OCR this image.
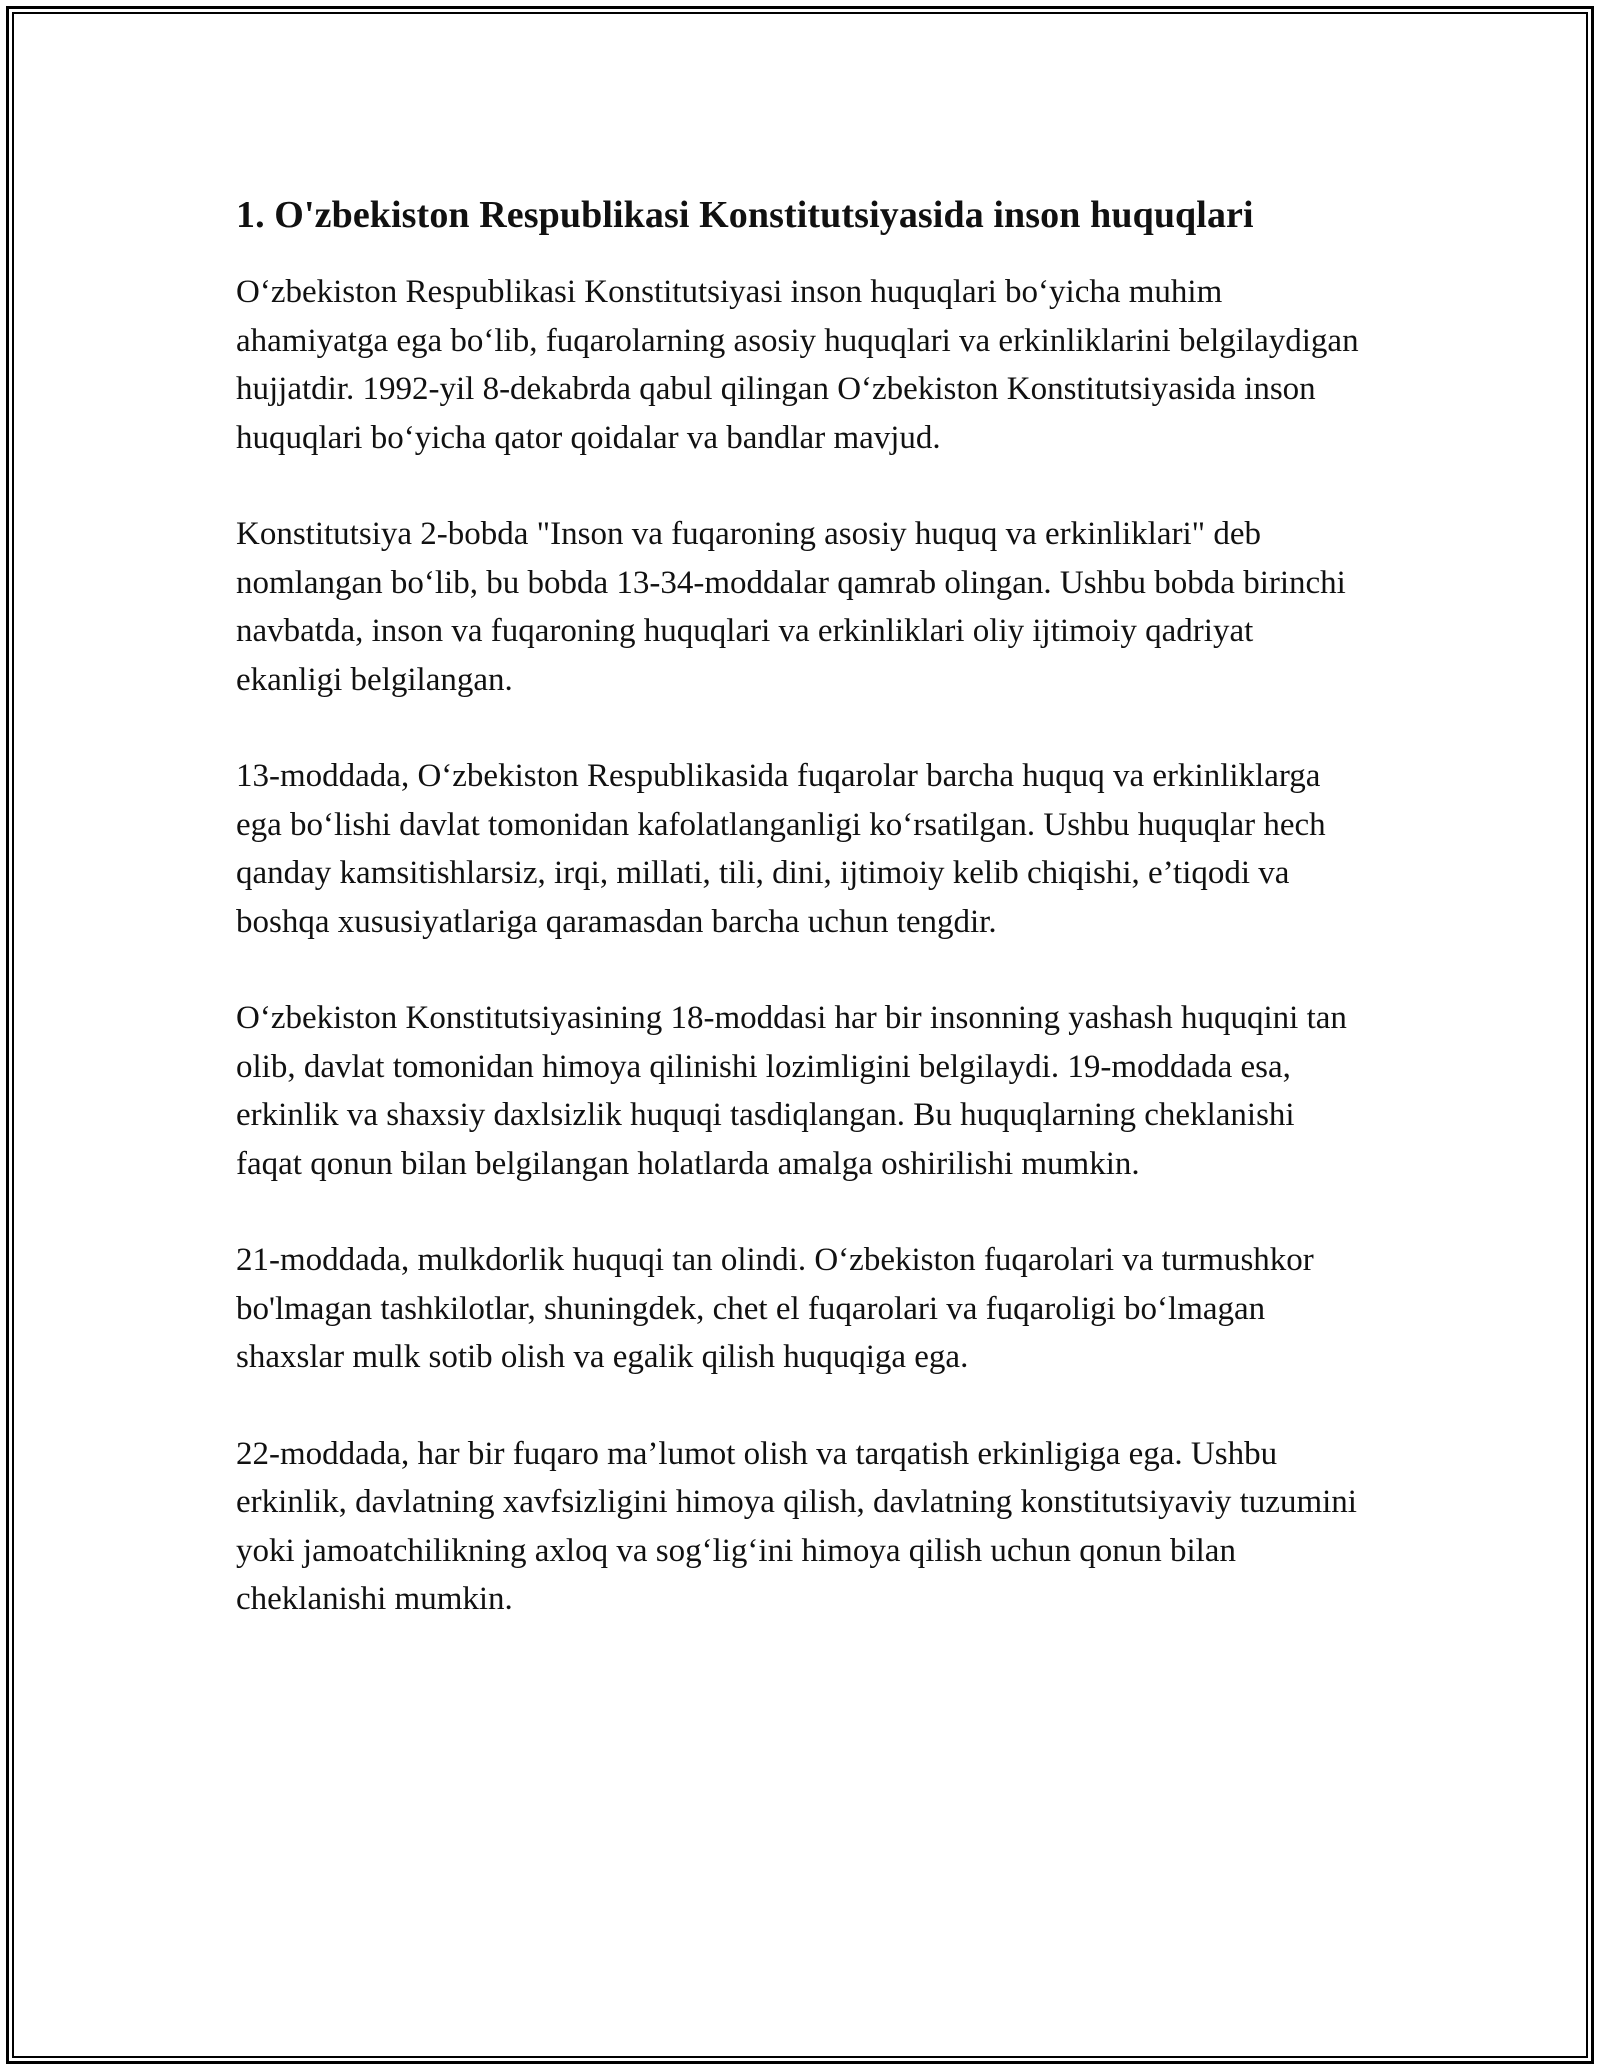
1. O'zbekiston Respublikasi Konstitutsiyasida inson huquqlari

O‘zbekiston Respublikasi Konstitutsiyasi inson huquqlari bo‘yicha muhim ahamiyatga ega bo‘lib, fuqarolarning asosiy huquqlari va erkinliklarini belgilaydigan hujjatdir. 1992-yil 8-dekabrda qabul qilingan O‘zbekiston Konstitutsiyasida inson huquqlari bo‘yicha qator qoidalar va bandlar mavjud.

Konstitutsiya 2-bobda "Inson va fuqaroning asosiy huquq va erkinliklari" deb nomlangan bo‘lib, bu bobda 13-34-moddalar qamrab olingan. Ushbu bobda birinchi navbatda, inson va fuqaroning huquqlari va erkinliklari oliy ijtimoiy qadriyat ekanligi belgilangan.

13-moddada, O‘zbekiston Respublikasida fuqarolar barcha huquq va erkinliklarga ega bo‘lishi davlat tomonidan kafolatlanganligi ko‘rsatilgan. Ushbu huquqlar hech qanday kamsitishlarsiz, irqi, millati, tili, dini, ijtimoiy kelib chiqishi, e’tiqodi va boshqa xususiyatlariga qaramasdan barcha uchun tengdir.

O‘zbekiston Konstitutsiyasining 18-moddasi har bir insonning yashash huquqini tan olib, davlat tomonidan himoya qilinishi lozimligini belgilaydi. 19-moddada esa, erkinlik va shaxsiy daxlsizlik huquqi tasdiqlangan. Bu huquqlarning cheklanishi faqat qonun bilan belgilangan holatlarda amalga oshirilishi mumkin.

21-moddada, mulkdorlik huquqi tan olindi. O‘zbekiston fuqarolari va turmushkor bo'lmagan tashkilotlar, shuningdek, chet el fuqarolari va fuqaroligi bo‘lmagan shaxslar mulk sotib olish va egalik qilish huquqiga ega.

22-moddada, har bir fuqaro ma’lumot olish va tarqatish erkinligiga ega. Ushbu erkinlik, davlatning xavfsizligini himoya qilish, davlatning konstitutsiyaviy tuzumini yoki jamoatchilikning axloq va sog‘lig‘ini himoya qilish uchun qonun bilan cheklanishi mumkin.
